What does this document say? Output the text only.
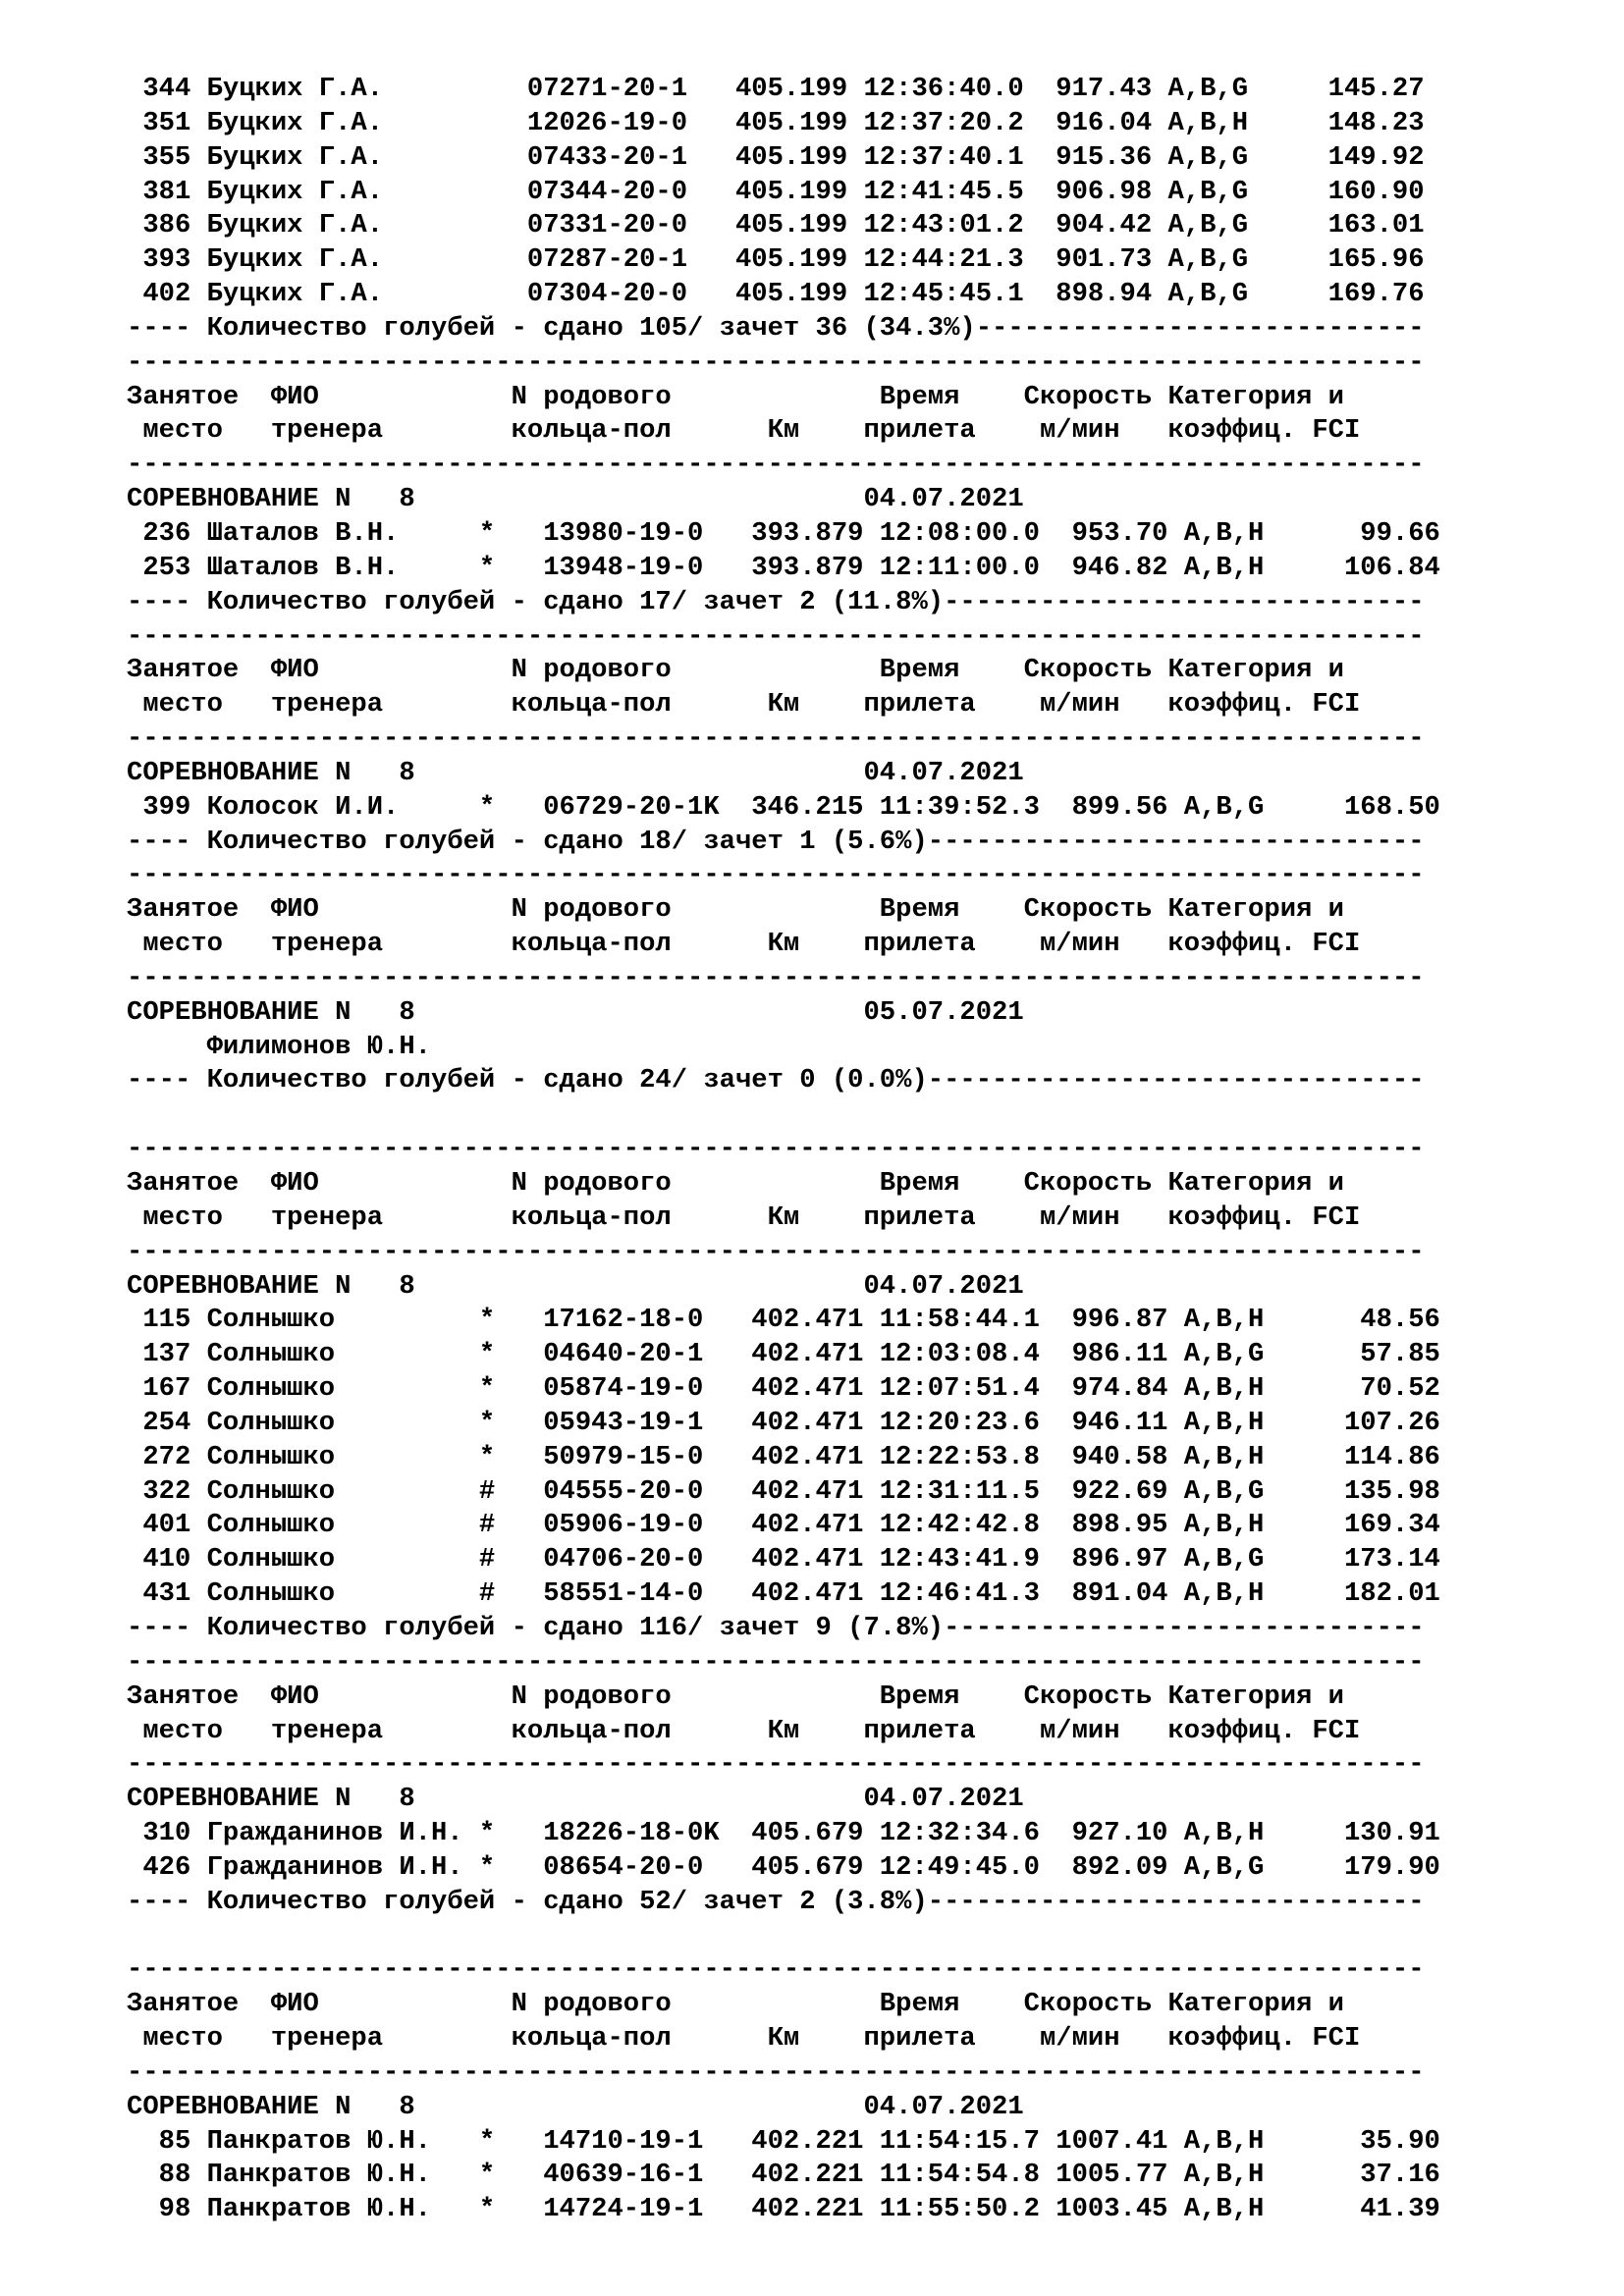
344 Буцких Г.А.         07271-20-1   405.199 12:36:40.0  917.43 A,B,G     145.27
351 Буцких Г.А.         12026-19-0   405.199 12:37:20.2  916.04 A,B,H     148.23
355 Буцких Г.А.         07433-20-1   405.199 12:37:40.1  915.36 A,B,G     149.92
381 Буцких Г.А.         07344-20-0   405.199 12:41:45.5  906.98 A,B,G     160.90
386 Буцких Г.А.         07331-20-0   405.199 12:43:01.2  904.42 A,B,G     163.01
393 Буцких Г.А.         07287-20-1   405.199 12:44:21.3  901.73 A,B,G     165.96
402 Буцких Г.А.         07304-20-0   405.199 12:45:45.1  898.94 A,B,G     169.76
---- Количество голубей - сдано 105/ зачет 36 (34.3%)----------------------------
---------------------------------------------------------------------------------
Занятое  ФИО            N родового             Время    Скорость Категория и
место   тренера        кольца-пол      Км    прилета    м/мин   коэффиц. FCI
---------------------------------------------------------------------------------
СОРЕВНОВАНИЕ N   8                            04.07.2021
236 Шаталов В.Н.     *   13980-19-0   393.879 12:08:00.0  953.70 A,B,H      99.66
253 Шаталов В.Н.     *   13948-19-0   393.879 12:11:00.0  946.82 A,B,H     106.84
---- Количество голубей - сдано 17/ зачет 2 (11.8%)------------------------------
---------------------------------------------------------------------------------
Занятое  ФИО            N родового             Время    Скорость Категория и
место   тренера        кольца-пол      Км    прилета    м/мин   коэффиц. FCI
---------------------------------------------------------------------------------
СОРЕВНОВАНИЕ N   8                            04.07.2021
399 Колосок И.И.     *   06729-20-1K  346.215 11:39:52.3  899.56 A,B,G     168.50
---- Количество голубей - сдано 18/ зачет 1 (5.6%)-------------------------------
---------------------------------------------------------------------------------
Занятое  ФИО            N родового             Время    Скорость Категория и
место   тренера        кольца-пол      Км    прилета    м/мин   коэффиц. FCI
---------------------------------------------------------------------------------
СОРЕВНОВАНИЕ N   8                            05.07.2021
Филимонов Ю.Н.
---- Количество голубей - сдано 24/ зачет 0 (0.0%)-------------------------------
---------------------------------------------------------------------------------
Занятое  ФИО            N родового             Время    Скорость Категория и
место   тренера        кольца-пол      Км    прилета    м/мин   коэффиц. FCI
---------------------------------------------------------------------------------
СОРЕВНОВАНИЕ N   8                            04.07.2021
115 Солнышко         *   17162-18-0   402.471 11:58:44.1  996.87 A,B,H      48.56
137 Солнышко         *   04640-20-1   402.471 12:03:08.4  986.11 A,B,G      57.85
167 Солнышко         *   05874-19-0   402.471 12:07:51.4  974.84 A,B,H      70.52
254 Солнышко         *   05943-19-1   402.471 12:20:23.6  946.11 A,B,H     107.26
272 Солнышко         *   50979-15-0   402.471 12:22:53.8  940.58 A,B,H     114.86
322 Солнышко         #   04555-20-0   402.471 12:31:11.5  922.69 A,B,G     135.98
401 Солнышко         #   05906-19-0   402.471 12:42:42.8  898.95 A,B,H     169.34
410 Солнышко         #   04706-20-0   402.471 12:43:41.9  896.97 A,B,G     173.14
431 Солнышко         #   58551-14-0   402.471 12:46:41.3  891.04 A,B,H     182.01
---- Количество голубей - сдано 116/ зачет 9 (7.8%)------------------------------
---------------------------------------------------------------------------------
Занятое  ФИО            N родового             Время    Скорость Категория и
место   тренера        кольца-пол      Км    прилета    м/мин   коэффиц. FCI
---------------------------------------------------------------------------------
СОРЕВНОВАНИЕ N   8                            04.07.2021
310 Гражданинов И.Н. *   18226-18-0K  405.679 12:32:34.6  927.10 A,B,H     130.91
426 Гражданинов И.Н. *   08654-20-0   405.679 12:49:45.0  892.09 A,B,G     179.90
---- Количество голубей - сдано 52/ зачет 2 (3.8%)-------------------------------
---------------------------------------------------------------------------------
Занятое  ФИО            N родового             Время    Скорость Категория и
место   тренера        кольца-пол      Км    прилета    м/мин   коэффиц. FCI
---------------------------------------------------------------------------------
СОРЕВНОВАНИЕ N   8                            04.07.2021
85 Панкратов Ю.Н.   *   14710-19-1   402.221 11:54:15.7 1007.41 A,B,H      35.90
88 Панкратов Ю.Н.   *   40639-16-1   402.221 11:54:54.8 1005.77 A,B,H      37.16
98 Панкратов Ю.Н.   *   14724-19-1   402.221 11:55:50.2 1003.45 A,B,H      41.39
